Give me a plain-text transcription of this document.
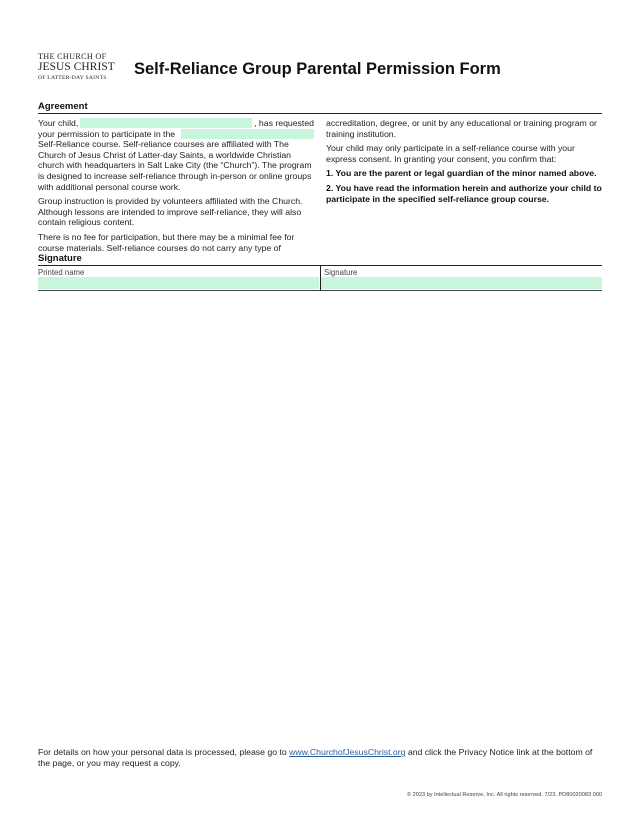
THE CHURCH OF
JESUS CHRIST
OF LATTER-DAY SAINTS	Self-Reliance Group Parental Permission Form
Agreement

Your child,	, has requested
your permission to participate in the
Self-Reliance course. Self-reliance courses are affiliated with The Church of Jesus Christ of Latter-day Saints, a worldwide Christian church with headquarters in Salt Lake City (the “Church”). The program is designed to increase self-reliance through in-person or online groups with additional personal course work.

Group instruction is provided by volunteers affiliated with the Church. Although lessons are intended to improve self-reliance, they will also contain religious content.

There is no fee for participation, but there may be a minimal fee for course materials. Self-reliance courses do not carry any type of

accreditation, degree, or unit by any educational or training program or training institution.

Your child may only participate in a self-reliance course with your express consent. In granting your consent, you confirm that:

1. You are the parent or legal guardian of the minor named above.

2. You have read the information herein and authorize your child to participate in the specified self-reliance group course.

Signature
Printed name	Signature

For details on how your personal data is processed, please go to www.ChurchofJesusChrist.org and click the Privacy Notice link at the bottom of the page, or you may request a copy.

© 2023 by Intellectual Reserve, Inc. All rights reserved. 7/23. PD80020083 000
